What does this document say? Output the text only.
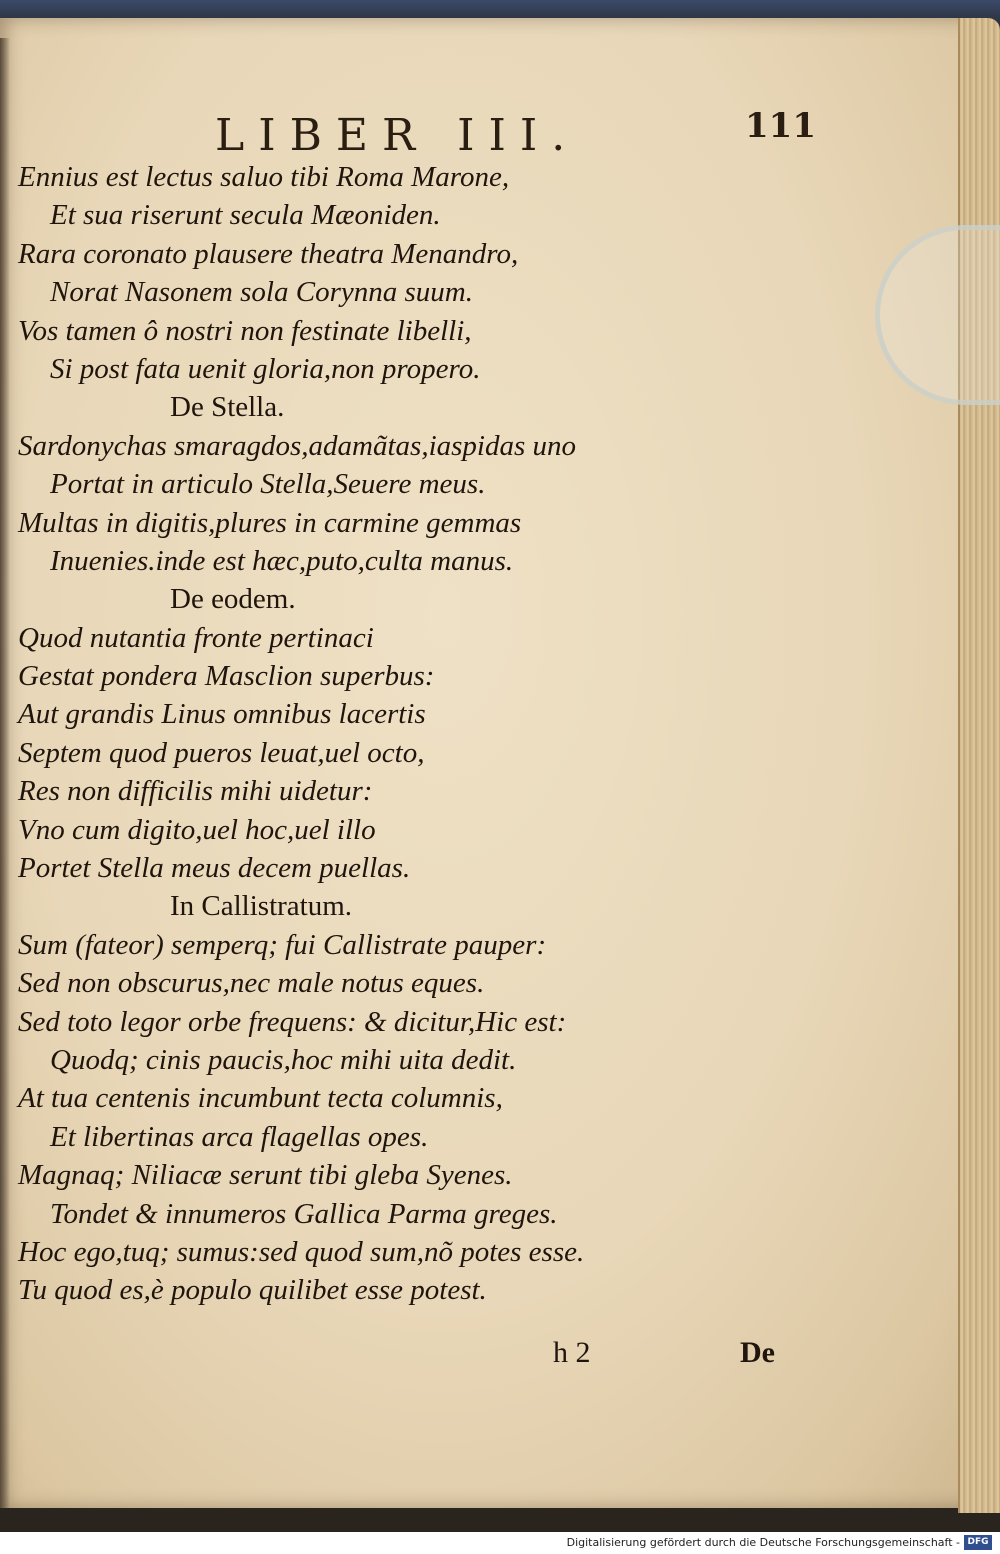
LIBER III.	111
Ennius est lectus saluo tibi Roma Marone,
Et sua riserunt secula Mæoniden.
Rara coronato plausere theatra Menandro,
Norat Nasonem sola Corynna suum.
Vos tamen ô nostri non festinate libelli,
Si post fata uenit gloria,non propero.
De Stella.
Sardonychas smaragdos,adamãtas,iaspidas uno
Portat in articulo Stella,Seuere meus.
Multas in digitis,plures in carmine gemmas
Inuenies.inde est hæc,puto,culta manus.
De eodem.
Quod nutantia fronte pertinaci
Gestat pondera Masclion superbus:
Aut grandis Linus omnibus lacertis
Septem quod pueros leuat,uel octo,
Res non difficilis mihi uidetur:
Vno cum digito,uel hoc,uel illo
Portet Stella meus decem puellas.
In Callistratum.
Sum (fateor) semperq; fui Callistrate pauper:
Sed non obscurus,nec male notus eques.
Sed toto legor orbe frequens: & dicitur,Hic est:
Quodq; cinis paucis,hoc mihi uita dedit.
At tua centenis incumbunt tecta columnis,
Et libertinas arca flagellas opes.
Magnaq; Niliacæ serunt tibi gleba Syenes.
Tondet & innumeros Gallica Parma greges.
Hoc ego,tuq; sumus:sed quod sum,nõ potes esse.
Tu quod es,è populo quilibet esse potest.
h 2	De
Digitalisierung gefördert durch die Deutsche Forschungsgemeinschaft - DFG
